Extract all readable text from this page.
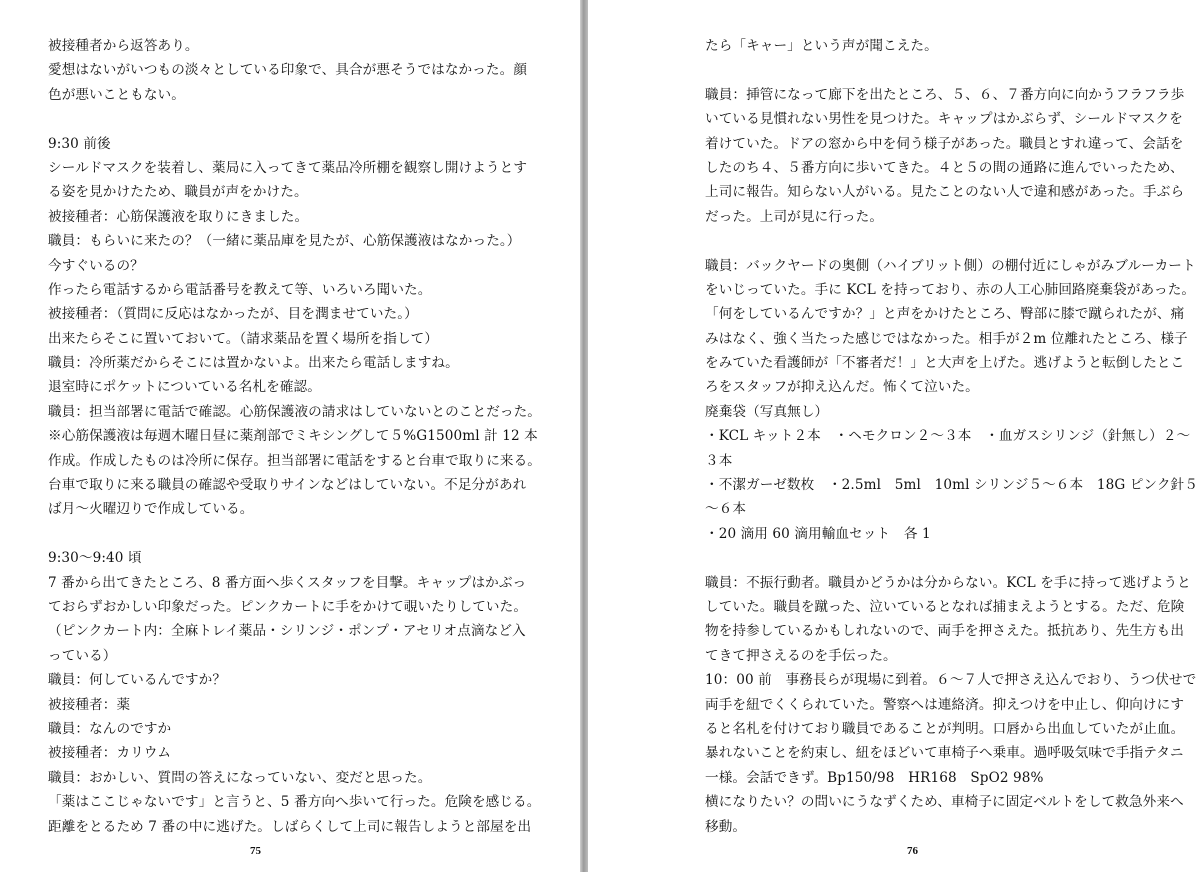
被接種者から返答あり。
愛想はないがいつもの淡々としている印象で、具合が悪そうではなかった。顔
色が悪いこともない。
9:30 前後
シールドマスクを装着し、薬局に入ってきて薬品冷所棚を観察し開けようとす
る姿を見かけたため、職員が声をかけた。
被接種者：心筋保護液を取りにきました。
職員：もらいに来たの？（一緒に薬品庫を見たが、心筋保護液はなかった。）
今すぐいるの？
作ったら電話するから電話番号を教えて等、いろいろ聞いた。
被接種者：（質問に反応はなかったが、目を潤ませていた。）
出来たらそこに置いておいて。（請求薬品を置く場所を指して）
職員：冷所薬だからそこには置かないよ。出来たら電話しますね。
退室時にポケットについている名札を確認。
職員：担当部署に電話で確認。心筋保護液の請求はしていないとのことだった。
※心筋保護液は毎週木曜日昼に薬剤部でミキシングして５%G1500ml 計 12 本
作成。作成したものは冷所に保存。担当部署に電話をすると台車で取りに来る。
台車で取りに来る職員の確認や受取りサインなどはしていない。不足分があれ
ば月〜火曜辺りで作成している。
9:30〜9:40 頃
7 番から出てきたところ、8 番方面へ歩くスタッフを目撃。キャップはかぶっ
ておらずおかしい印象だった。ピンクカートに手をかけて覗いたりしていた。
（ピンクカート内：全麻トレイ薬品・シリンジ・ポンプ・アセリオ点滴など入
っている）
職員：何しているんですか？
被接種者：薬
職員：なんのですか
被接種者：カリウム
職員：おかしい、質問の答えになっていない、変だと思った。
「薬はここじゃないです」と言うと、5 番方向へ歩いて行った。危険を感じる。
距離をとるため 7 番の中に逃げた。しばらくして上司に報告しようと部屋を出
75
たら「キャー」という声が聞こえた。
職員：挿管になって廊下を出たところ、５、６、７番方向に向かうフラフラ歩
いている見慣れない男性を見つけた。キャップはかぶらず、シールドマスクを
着けていた。ドアの窓から中を伺う様子があった。職員とすれ違って、会話を
したのち４、５番方向に歩いてきた。４と５の間の通路に進んでいったため、
上司に報告。知らない人がいる。見たことのない人で違和感があった。手ぶら
だった。上司が見に行った。
職員：バックヤードの奥側（ハイブリット側）の棚付近にしゃがみブルーカート
をいじっていた。手に KCL を持っており、赤の人工心肺回路廃棄袋があった。
「何をしているんですか？」と声をかけたところ、臀部に膝で蹴られたが、痛
みはなく、強く当たった感じではなかった。相手が２m 位離れたところ、様子
をみていた看護師が「不審者だ！」と大声を上げた。逃げようと転倒したとこ
ろをスタッフが抑え込んだ。怖くて泣いた。
廃棄袋（写真無し）
・KCL キット２本　・ヘモクロン２〜３本　・血ガスシリンジ（針無し）２〜
３本
・不潔ガーゼ数枚　・2.5ml　5ml　10ml シリンジ５〜６本　18G ピンク針５
〜６本
・20 滴用 60 滴用輸血セット　各 1
職員：不振行動者。職員かどうかは分からない。KCL を手に持って逃げようと
していた。職員を蹴った、泣いているとなれば捕まえようとする。ただ、危険
物を持参しているかもしれないので、両手を押さえた。抵抗あり、先生方も出
てきて押さえるのを手伝った。
10：00 前　事務長らが現場に到着。６〜７人で押さえ込んでおり、うつ伏せで
両手を紐でくくられていた。警察へは連絡済。抑えつけを中止し、仰向けにす
ると名札を付けており職員であることが判明。口唇から出血していたが止血。
暴れないことを約束し、紐をほどいて車椅子へ乗車。過呼吸気味で手指テタニ
一様。会話できず。Bp150/98　HR168　SpO2 98%
横になりたい？の問いにうなずくため、車椅子に固定ベルトをして救急外来へ
移動。
76
